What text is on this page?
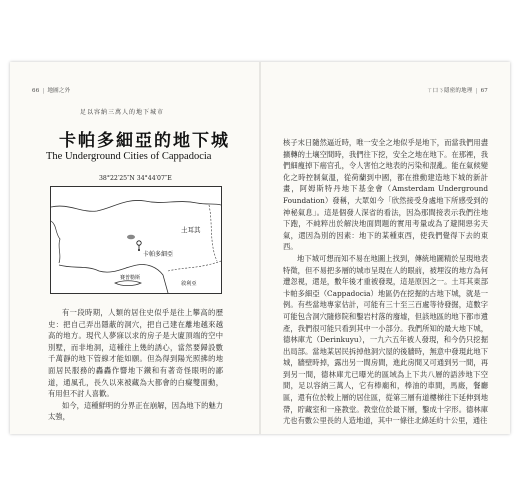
66 | 地圖之外
足以容納三萬人的地下城市
卡帕多細亞的地下城
The Underground Cities of Cappadocia
38°22′25″N 34°44′07″E
土耳其
卡帕多細亞
賽普勒斯
敘利亞

有一段時期，人類的居住史似乎是往上攀高的歷史：把自己弄出隱蔽的洞穴，把自己建在離地越來越高的地方。現代人夢寐以求的房子是大廈頂端的空中別墅，而非地洞，這種往上幾的誘心，當然要歸設數千萬靜的地下管線才能如願。但為得到陽光照拂的地面居民服務的轟轟作響地下鐵和有著奇怪眼明的鄙道，通風孔，長久以來被藏為大都會的白癡雙面動，有用但不討人喜歡。

如今，這種鮮明的分界正在崩解，因為地下的魅力太強，

ㄒ口ㄋ隱密的地理 | 67

核子末日隨然逼近時，唯一安全之地似乎是地下，而當我們用盡擴轉的土壤空間時，我們往下挖，安全之地在地下。在那裡，我們細瘦掉下癌官孔，令人害怕之地表的污染和混亂。能在氣候變化之時控制氣溫，從荷蘭到中國，都在推動建造地下城的新計畫，阿姆斯特丹地下基金會（Amsterdam Underground Foundation）發稱，大眾如今「欣然接受身處地下所感受到的神秘氣息」。這是個發人深省的看法，因為那間接表示我們往地下跑，不純粹出於解決地面問題的實用考量或為了避開惡劣天氣，還因為別的因素：地下的某種東西，使我們覺得下去的東西。

地下城可想而知不易在地圖上找到，傳統地圖精於呈現地表特徵，但不易把多層的城市呈現在人的眼前，被埋沒的地方為何遭忽視，還是，數年後才重被發現，這是原因之一。土耳其東部卡帕多細亞（Cappadocia）地區仍在挖掘的古地下城，就是一例。有些當地專家估計，可能有三十至三百處等待發掘，這數字可能包含洞穴隨修院和鑿岩村落的廢墟，但該地區的地下都市遺產，我們很可能只看到其中一小部分。我們所知的最大地下城，德林庫尤（Derinkuyu），一九六五年被人發現，和今仍只挖掘出局部。當地某居民拆掉他洞穴屋的後牆時，無意中發現此地下城，牆壁時掉，露出另一間房間，進此房間又可通到另一間，再到另一間，德林庫尤已曝光的區域為上下共八層的語涉地下空間，足以容納三萬人，它有棒廟和，棒油的車間，馬廄，餐廳區，還有位於較上層的居住區，從第三層有道樓梯往下延伸到地帶，貯藏室和一座教堂。教堂位於最下層，鑿成十字形。德林庫尤也有數公里長的人造地道，其中一條往北綿延約十公里，通往
